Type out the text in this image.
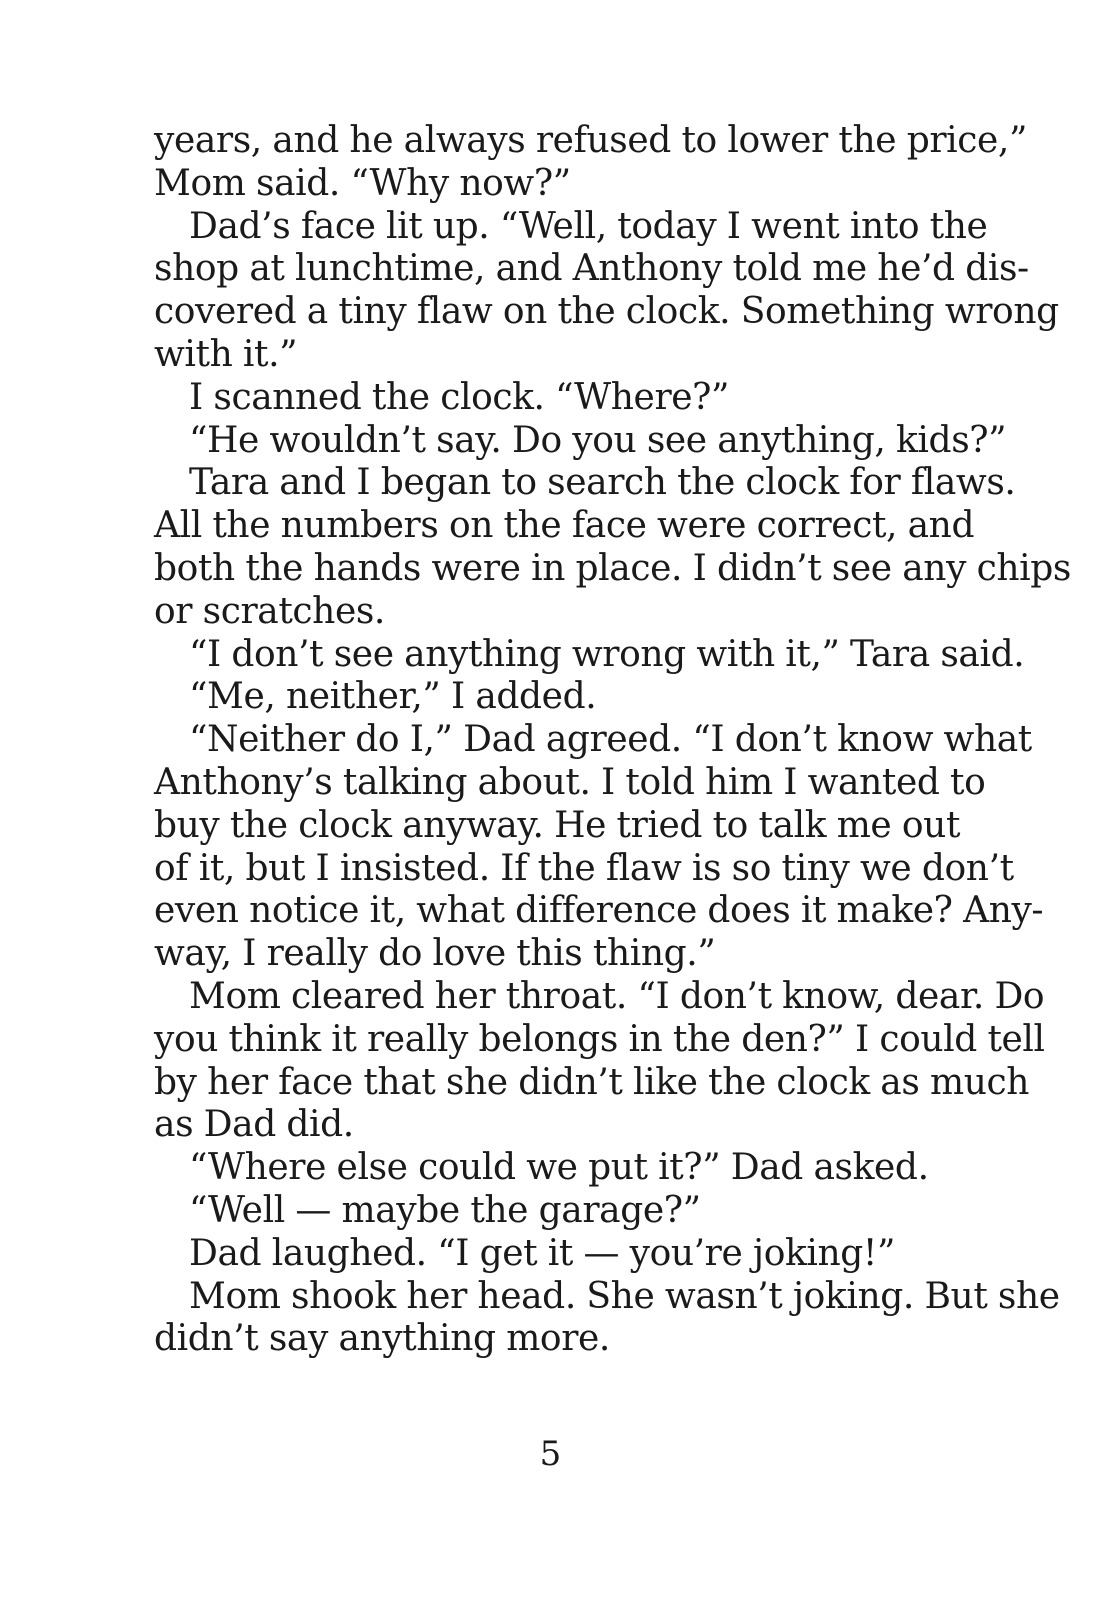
years, and he always refused to lower the price,”
Mom said. “Why now?”
Dad’s face lit up. “Well, today I went into the
shop at lunchtime, and Anthony told me he’d dis-
covered a tiny flaw on the clock. Something wrong
with it.”
I scanned the clock. “Where?”
“He wouldn’t say. Do you see anything, kids?”
Tara and I began to search the clock for flaws.
All the numbers on the face were correct, and
both the hands were in place. I didn’t see any chips
or scratches.
“I don’t see anything wrong with it,” Tara said.
“Me, neither,” I added.
“Neither do I,” Dad agreed. “I don’t know what
Anthony’s talking about. I told him I wanted to
buy the clock anyway. He tried to talk me out
of it, but I insisted. If the flaw is so tiny we don’t
even notice it, what difference does it make? Any-
way, I really do love this thing.”
Mom cleared her throat. “I don’t know, dear. Do
you think it really belongs in the den?” I could tell
by her face that she didn’t like the clock as much
as Dad did.
“Where else could we put it?” Dad asked.
“Well — maybe the garage?”
Dad laughed. “I get it — you’re joking!”
Mom shook her head. She wasn’t joking. But she
didn’t say anything more.
5
